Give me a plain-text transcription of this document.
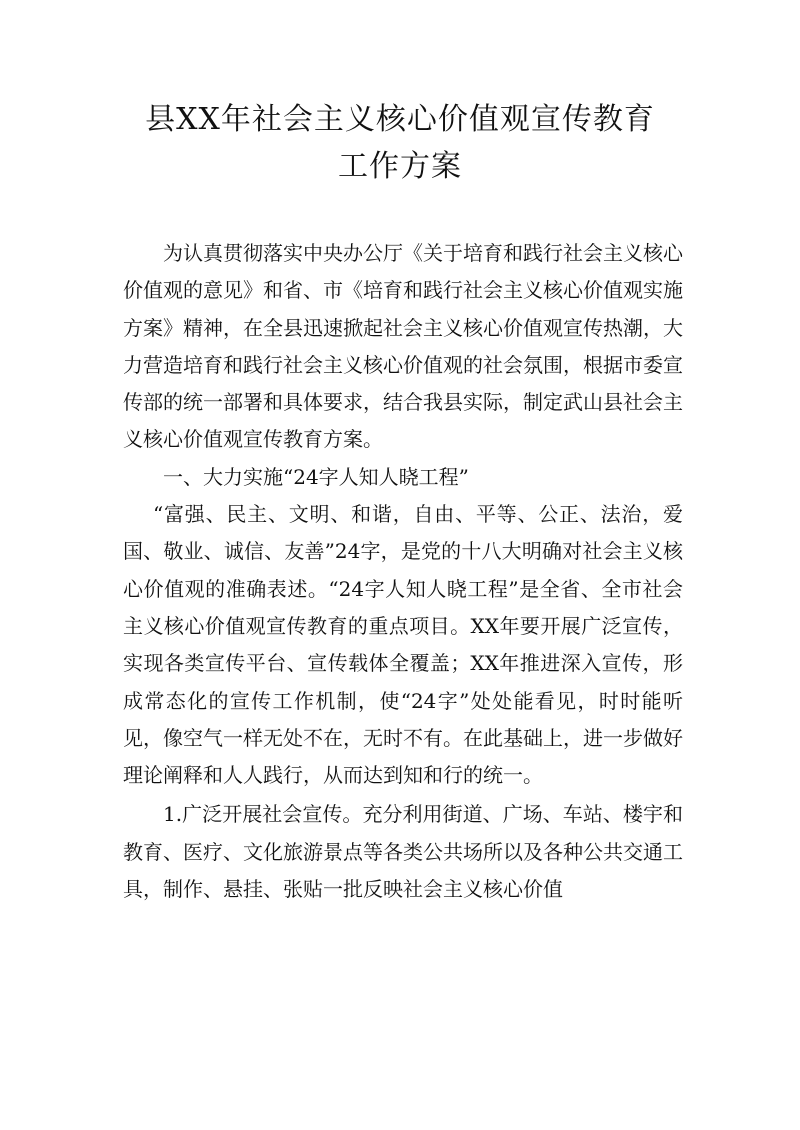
县XX年社会主义核心价值观宣传教育
工作方案

为认真贯彻落实中央办公厅《关于培育和践行社会主义核心价值观的意见》和省、市《培育和践行社会主义核心价值观实施方案》精神，在全县迅速掀起社会主义核心价值观宣传热潮，大力营造培育和践行社会主义核心价值观的社会氛围，根据市委宣传部的统一部署和具体要求，结合我县实际，制定武山县社会主义核心价值观宣传教育方案。

一、大力实施“24字人知人晓工程”

“富强、民主、文明、和谐，自由、平等、公正、法治，爱国、敬业、诚信、友善”24字，是党的十八大明确对社会主义核心价值观的准确表述。“24字人知人晓工程”是全省、全市社会主义核心价值观宣传教育的重点项目。XX年要开展广泛宣传，实现各类宣传平台、宣传载体全覆盖；XX年推进深入宣传，形成常态化的宣传工作机制，使“24字”处处能看见，时时能听见，像空气一样无处不在，无时不有。在此基础上，进一步做好理论阐释和人人践行，从而达到知和行的统一。

1.广泛开展社会宣传。充分利用街道、广场、车站、楼宇和教育、医疗、文化旅游景点等各类公共场所以及各种公共交通工具，制作、悬挂、张贴一批反映社会主义核心价值
